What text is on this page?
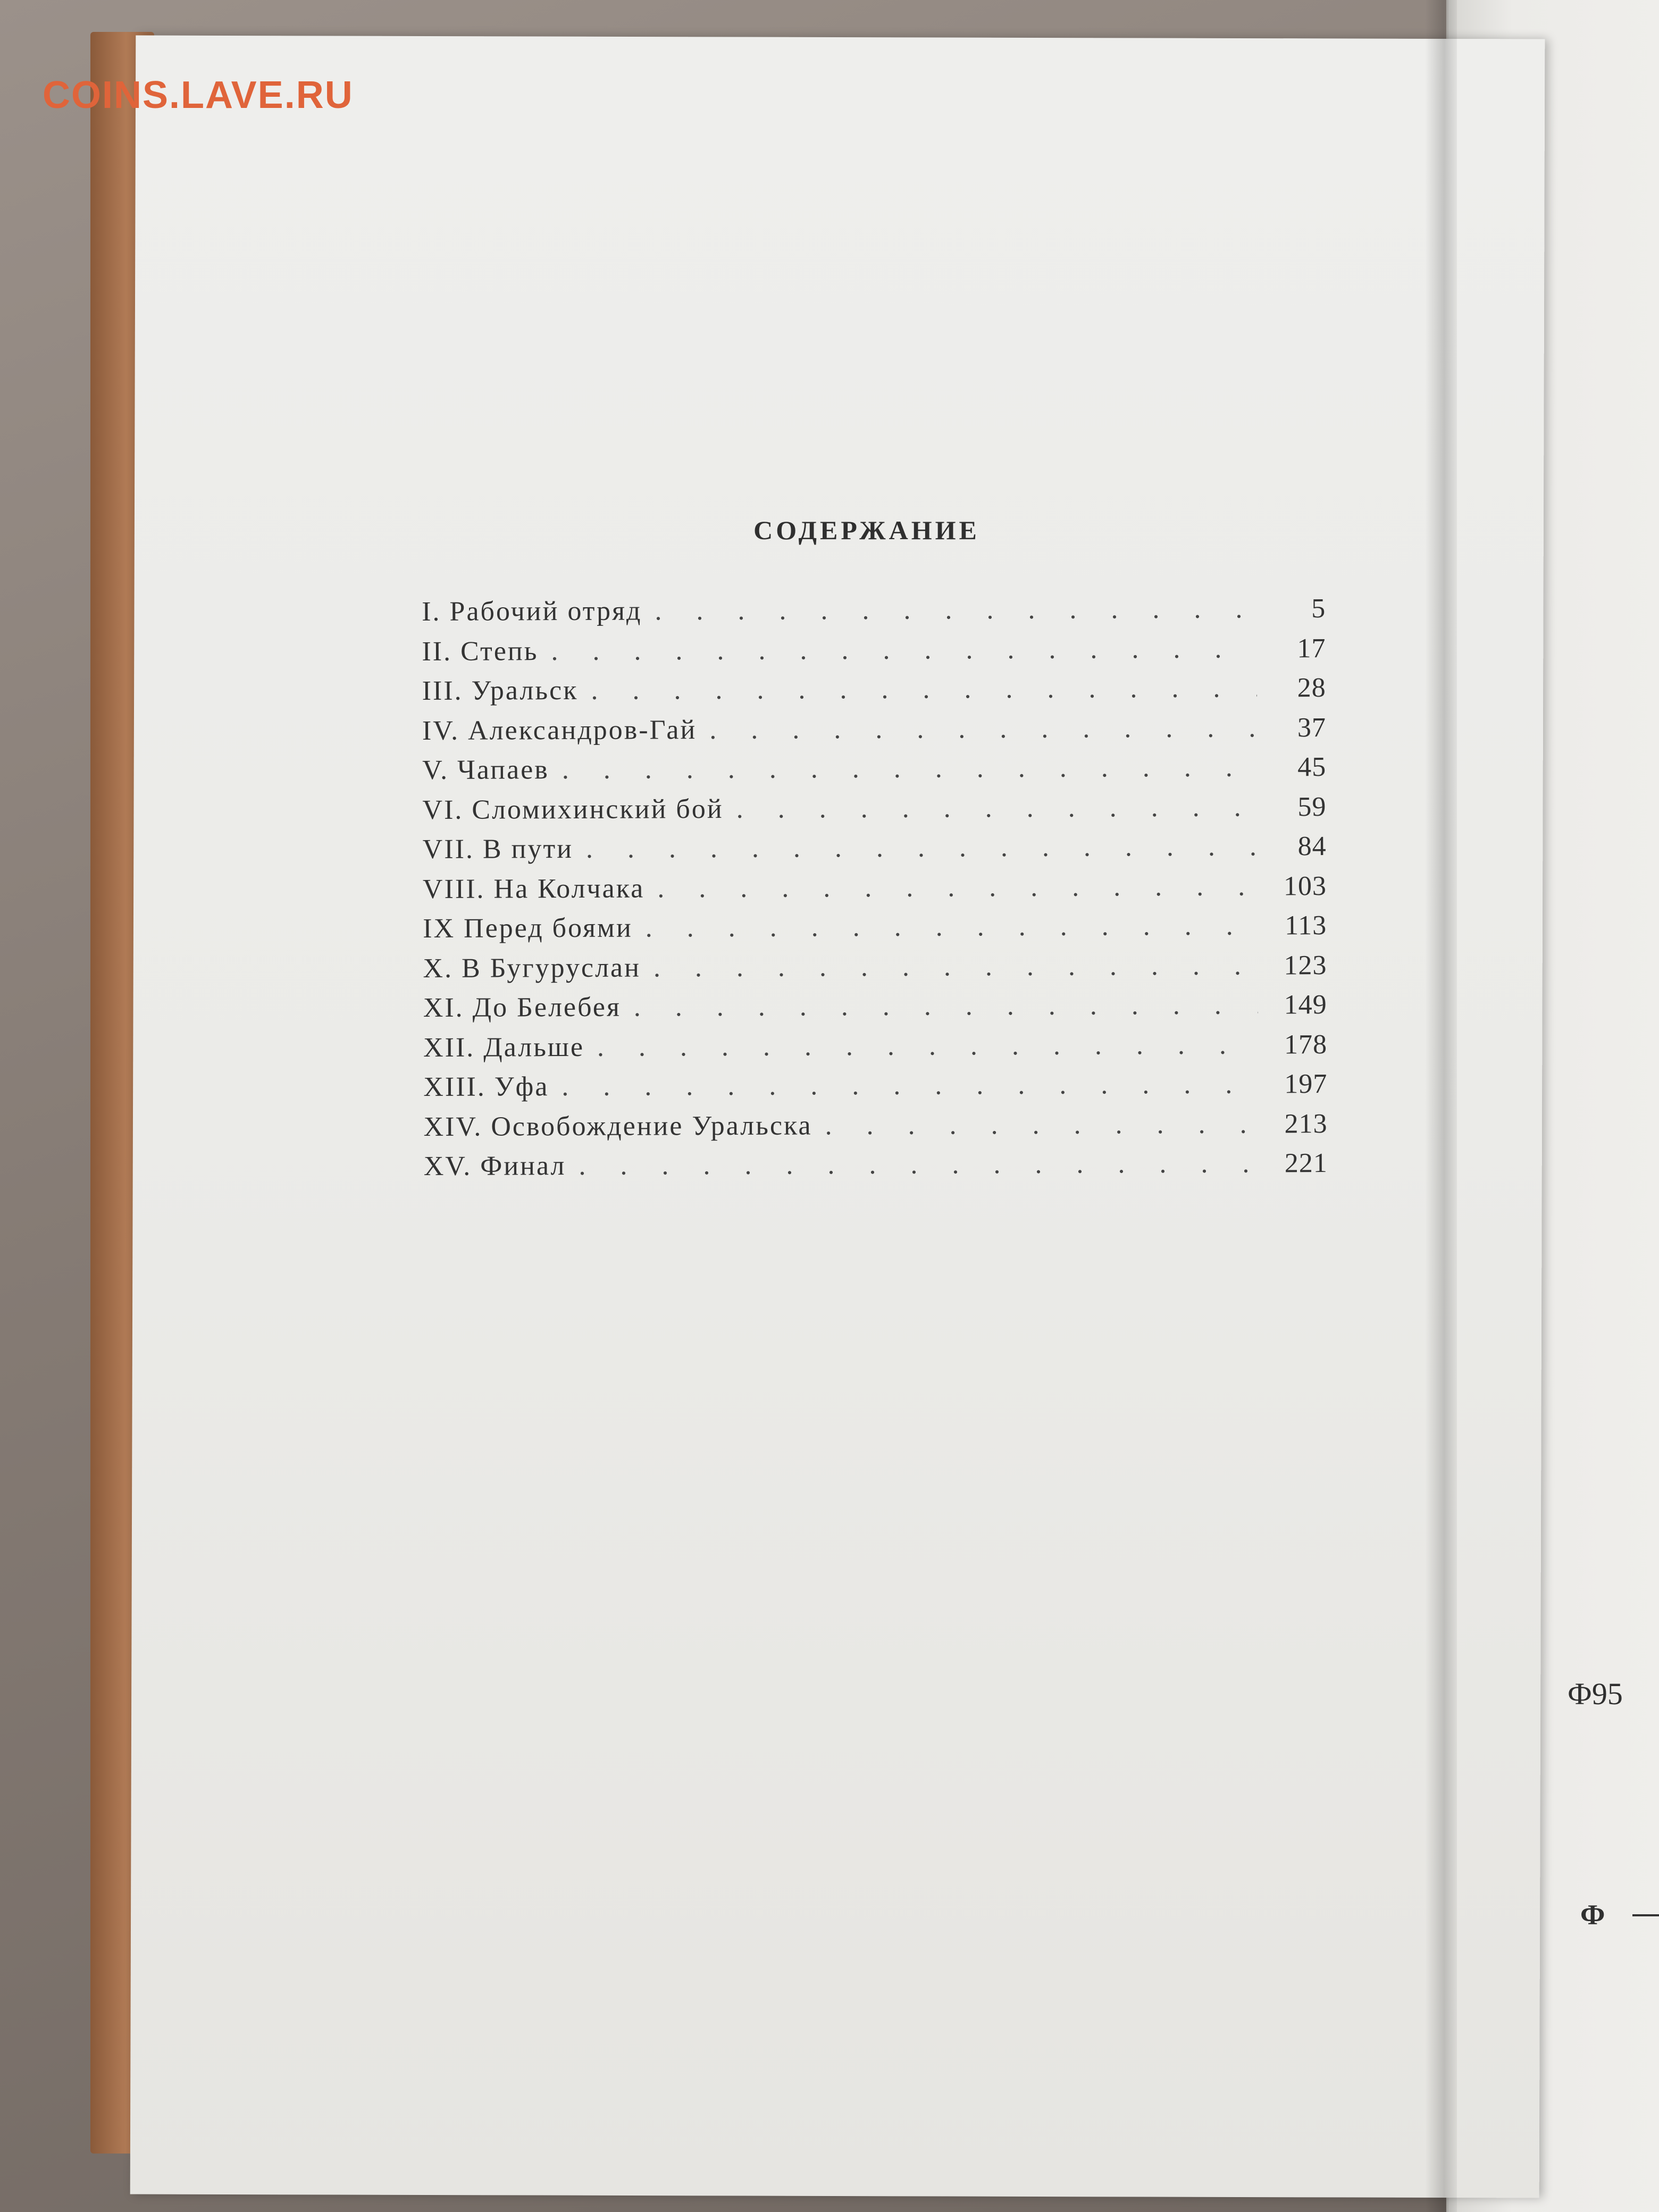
COINS.LAVE.RU
СОДЕРЖАНИЕ
I. Рабочий отряд . . .	5
II. Степь . . .	17
III. Уральск . . .	28
IV. Александров-Гай . . .	37
V. Чапаев . . .	45
VI. Сломихинский бой . . .	59
VII. В пути . . .	84
VIII. На Колчака . . .	103
IX Перед боями . . .	113
X. В Бугуруслан . . .	123
XI. До Белебея . . .	149
XII. Дальше . . .	178
XIII. Уфа . . .	197
XIV. Освобождение Уральска . . .	213
XV. Финал . . .	221
Ф95
Ф
